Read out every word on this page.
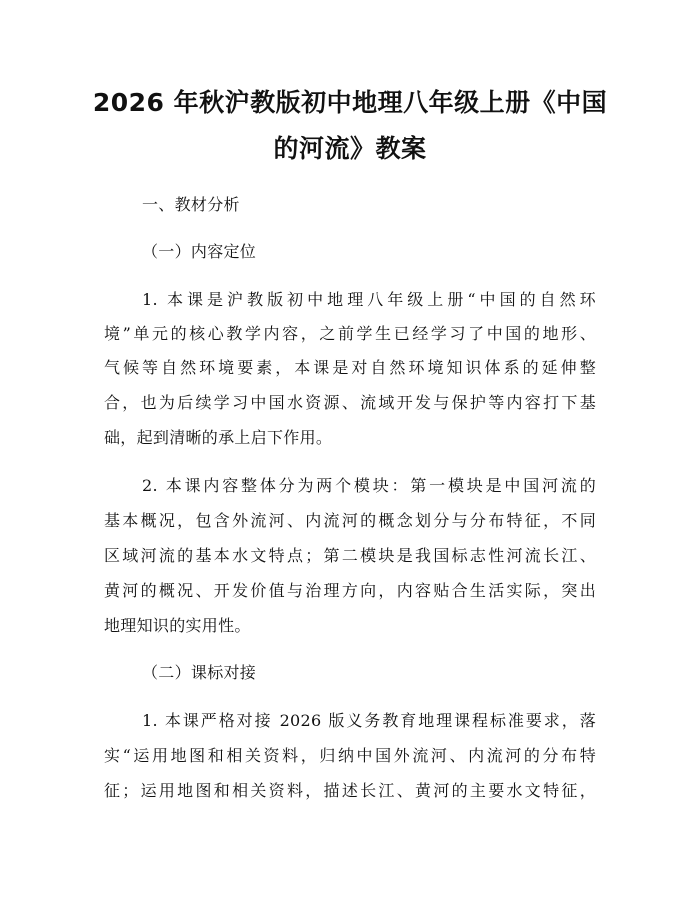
2026 年秋沪教版初中地理八年级上册《中国
的河流》教案
一、教材分析
（一）内容定位
1. 本课是沪教版初中地理八年级上册“中国的自然环
境”单元的核心教学内容，之前学生已经学习了中国的地形、
气候等自然环境要素，本课是对自然环境知识体系的延伸整
合，也为后续学习中国水资源、流域开发与保护等内容打下基
础，起到清晰的承上启下作用。
2. 本课内容整体分为两个模块：第一模块是中国河流的
基本概况，包含外流河、内流河的概念划分与分布特征，不同
区域河流的基本水文特点；第二模块是我国标志性河流长江、
黄河的概况、开发价值与治理方向，内容贴合生活实际，突出
地理知识的实用性。
（二）课标对接
1. 本课严格对接 2026 版义务教育地理课程标准要求，落
实“运用地图和相关资料，归纳中国外流河、内流河的分布特
征；运用地图和相关资料，描述长江、黄河的主要水文特征，
